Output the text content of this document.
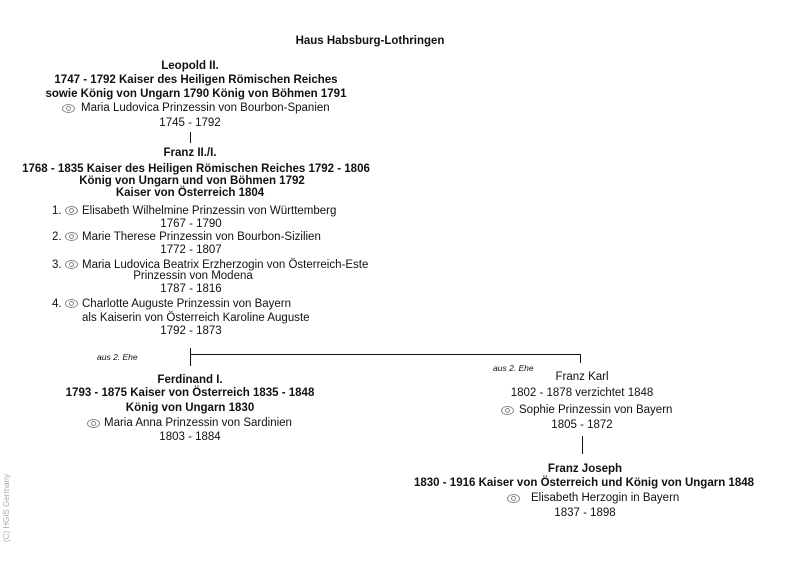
Haus Habsburg-Lothringen
Leopold II.
1747 - 1792 Kaiser des Heiligen Römischen Reiches
sowie König von Ungarn 1790 König von Böhmen 1791
Maria Ludovica Prinzessin von Bourbon-Spanien
1745 - 1792
Franz II./I.
1768 - 1835 Kaiser des Heiligen Römischen Reiches 1792 - 1806
König von Ungarn und von Böhmen 1792
Kaiser von Österreich 1804
1. Elisabeth Wilhelmine Prinzessin von Württemberg
1767 - 1790
2. Marie Therese Prinzessin von Bourbon-Sizilien
1772 - 1807
3. Maria Ludovica Beatrix Erzherzogin von Österreich-Este
Prinzessin von Modena
1787 - 1816
4. Charlotte Auguste Prinzessin von Bayern
als Kaiserin von Österreich Karoline Auguste
1792 - 1873
aus 2. Ehe
Ferdinand I.
1793 - 1875 Kaiser von Österreich 1835 - 1848
König von Ungarn 1830
Maria Anna Prinzessin von Sardinien
1803 - 1884
aus 2. Ehe
Franz Karl
1802 - 1878 verzichtet 1848
Sophie Prinzessin von Bayern
1805 - 1872
Franz Joseph
1830 - 1916 Kaiser von Österreich und König von Ungarn 1848
Elisabeth Herzogin in Bayern
1837 - 1898
(C) HGIS Germany
